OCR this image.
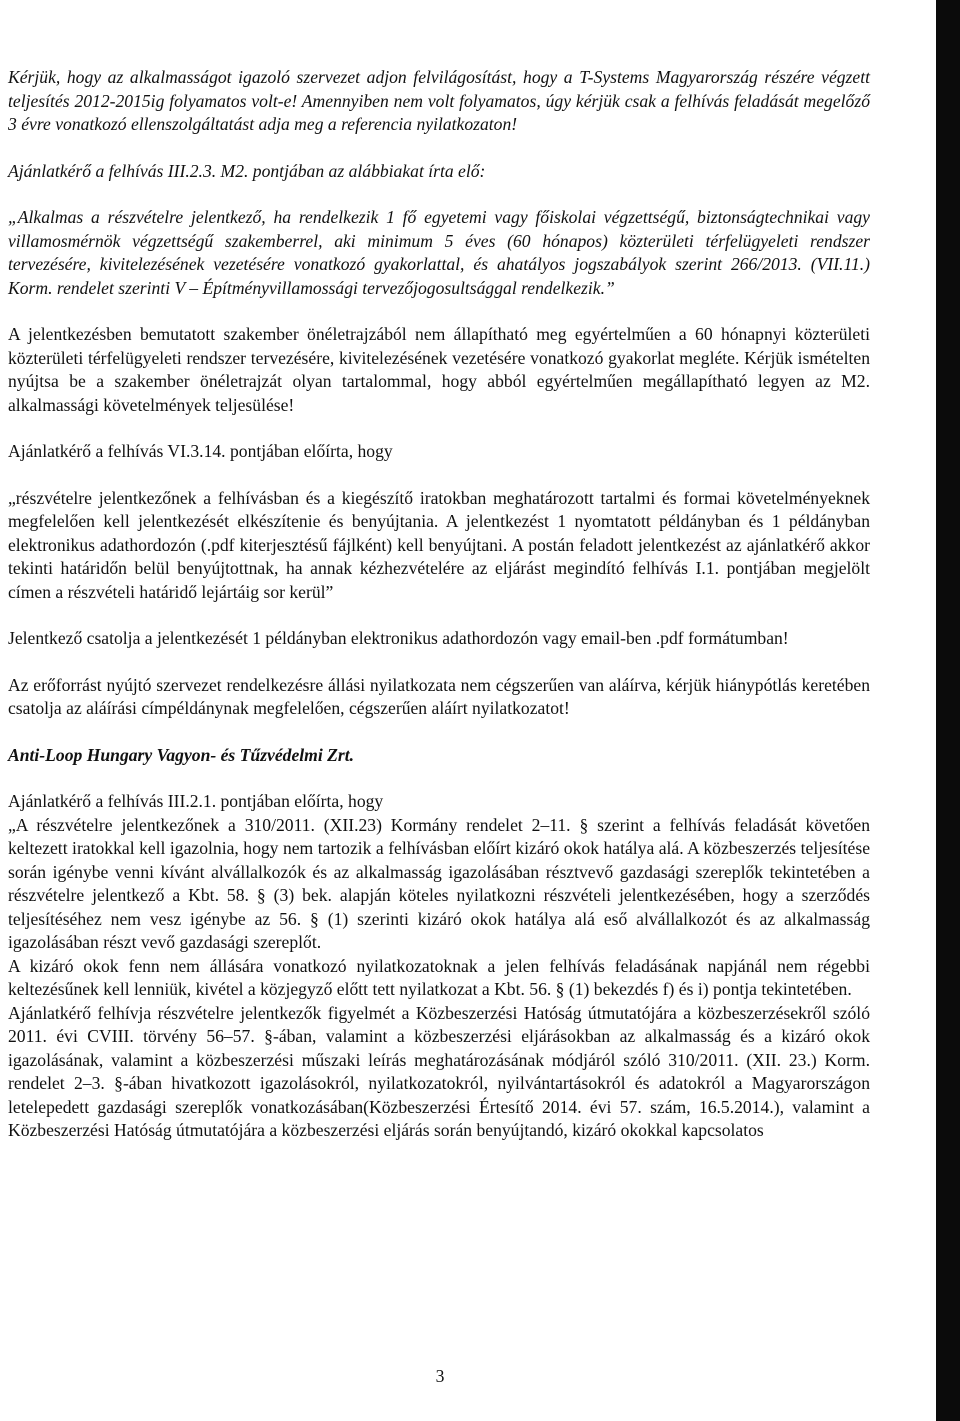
Kérjük, hogy az alkalmasságot igazoló szervezet adjon felvilágosítást, hogy a T-Systems Magyarország részére végzett teljesítés 2012-2015ig folyamatos volt-e! Amennyiben nem volt folyamatos, úgy kérjük csak a felhívás feladását megelőző 3 évre vonatkozó ellenszolgáltatást adja meg a referencia nyilatkozaton!

Ajánlatkérő a felhívás III.2.3. M2. pontjában az alábbiakat írta elő:

„Alkalmas a részvételre jelentkező, ha rendelkezik 1 fő egyetemi vagy főiskolai végzettségű, biztonságtechnikai vagy villamosmérnök végzettségű szakemberrel, aki minimum 5 éves (60 hónapos) közterületi térfelügyeleti rendszer tervezésére, kivitelezésének vezetésére vonatkozó gyakorlattal, és ahatályos jogszabályok szerint 266/2013. (VII.11.) Korm. rendelet szerinti V – Építményvillamossági tervezőjogosultsággal rendelkezik.”

A jelentkezésben bemutatott szakember önéletrajzából nem állapítható meg egyértelműen a 60 hónapnyi közterületi közterületi térfelügyeleti rendszer tervezésére, kivitelezésének vezetésére vonatkozó gyakorlat megléte. Kérjük ismételten nyújtsa be a szakember önéletrajzát olyan tartalommal, hogy abból egyértelműen megállapítható legyen az M2. alkalmassági követelmények teljesülése!

Ajánlatkérő a felhívás VI.3.14. pontjában előírta, hogy

„részvételre jelentkezőnek a felhívásban és a kiegészítő iratokban meghatározott tartalmi és formai követelményeknek megfelelően kell jelentkezését elkészítenie és benyújtania. A jelentkezést 1 nyomtatott példányban és 1 példányban elektronikus adathordozón (.pdf kiterjesztésű fájlként) kell benyújtani. A postán feladott jelentkezést az ajánlatkérő akkor tekinti határidőn belül benyújtottnak, ha annak kézhezvételére az eljárást megindító felhívás I.1. pontjában megjelölt címen a részvételi határidő lejártáig sor kerül”

Jelentkező csatolja a jelentkezését 1 példányban elektronikus adathordozón vagy email-ben .pdf formátumban!

Az erőforrást nyújtó szervezet rendelkezésre állási nyilatkozata nem cégszerűen van aláírva, kérjük hiánypótlás keretében csatolja az aláírási címpéldánynak megfelelően, cégszerűen aláírt nyilatkozatot!

Anti-Loop Hungary Vagyon- és Tűzvédelmi Zrt.

Ajánlatkérő a felhívás III.2.1. pontjában előírta, hogy

„A részvételre jelentkezőnek a 310/2011. (XII.23) Kormány rendelet 2–11. § szerint a felhívás feladását követően keltezett iratokkal kell igazolnia, hogy nem tartozik a felhívásban előírt kizáró okok hatálya alá. A közbeszerzés teljesítése során igénybe venni kívánt alvállalkozók és az alkalmasság igazolásában résztvevő gazdasági szereplők tekintetében a részvételre jelentkező a Kbt. 58. § (3) bek. alapján köteles nyilatkozni részvételi jelentkezésében, hogy a szerződés teljesítéséhez nem vesz igénybe az 56. § (1) szerinti kizáró okok hatálya alá eső alvállalkozót és az alkalmasság igazolásában részt vevő gazdasági szereplőt.

A kizáró okok fenn nem állására vonatkozó nyilatkozatoknak a jelen felhívás feladásának napjánál nem régebbi keltezésűnek kell lenniük, kivétel a közjegyző előtt tett nyilatkozat a Kbt. 56. § (1) bekezdés f) és i) pontja tekintetében.

Ajánlatkérő felhívja részvételre jelentkezők figyelmét a Közbeszerzési Hatóság útmutatójára a közbeszerzésekről szóló 2011. évi CVIII. törvény 56–57. §-ában, valamint a közbeszerzési eljárásokban az alkalmasság és a kizáró okok igazolásának, valamint a közbeszerzési műszaki leírás meghatározásának módjáról szóló 310/2011. (XII. 23.) Korm. rendelet 2–3. §-ában hivatkozott igazolásokról, nyilatkozatokról, nyilvántartásokról és adatokról a Magyarországon letelepedett gazdasági szereplők vonatkozásában(Közbeszerzési Értesítő 2014. évi 57. szám, 16.5.2014.), valamint a Közbeszerzési Hatóság útmutatójára a közbeszerzési eljárás során benyújtandó, kizáró okokkal kapcsolatos

3
